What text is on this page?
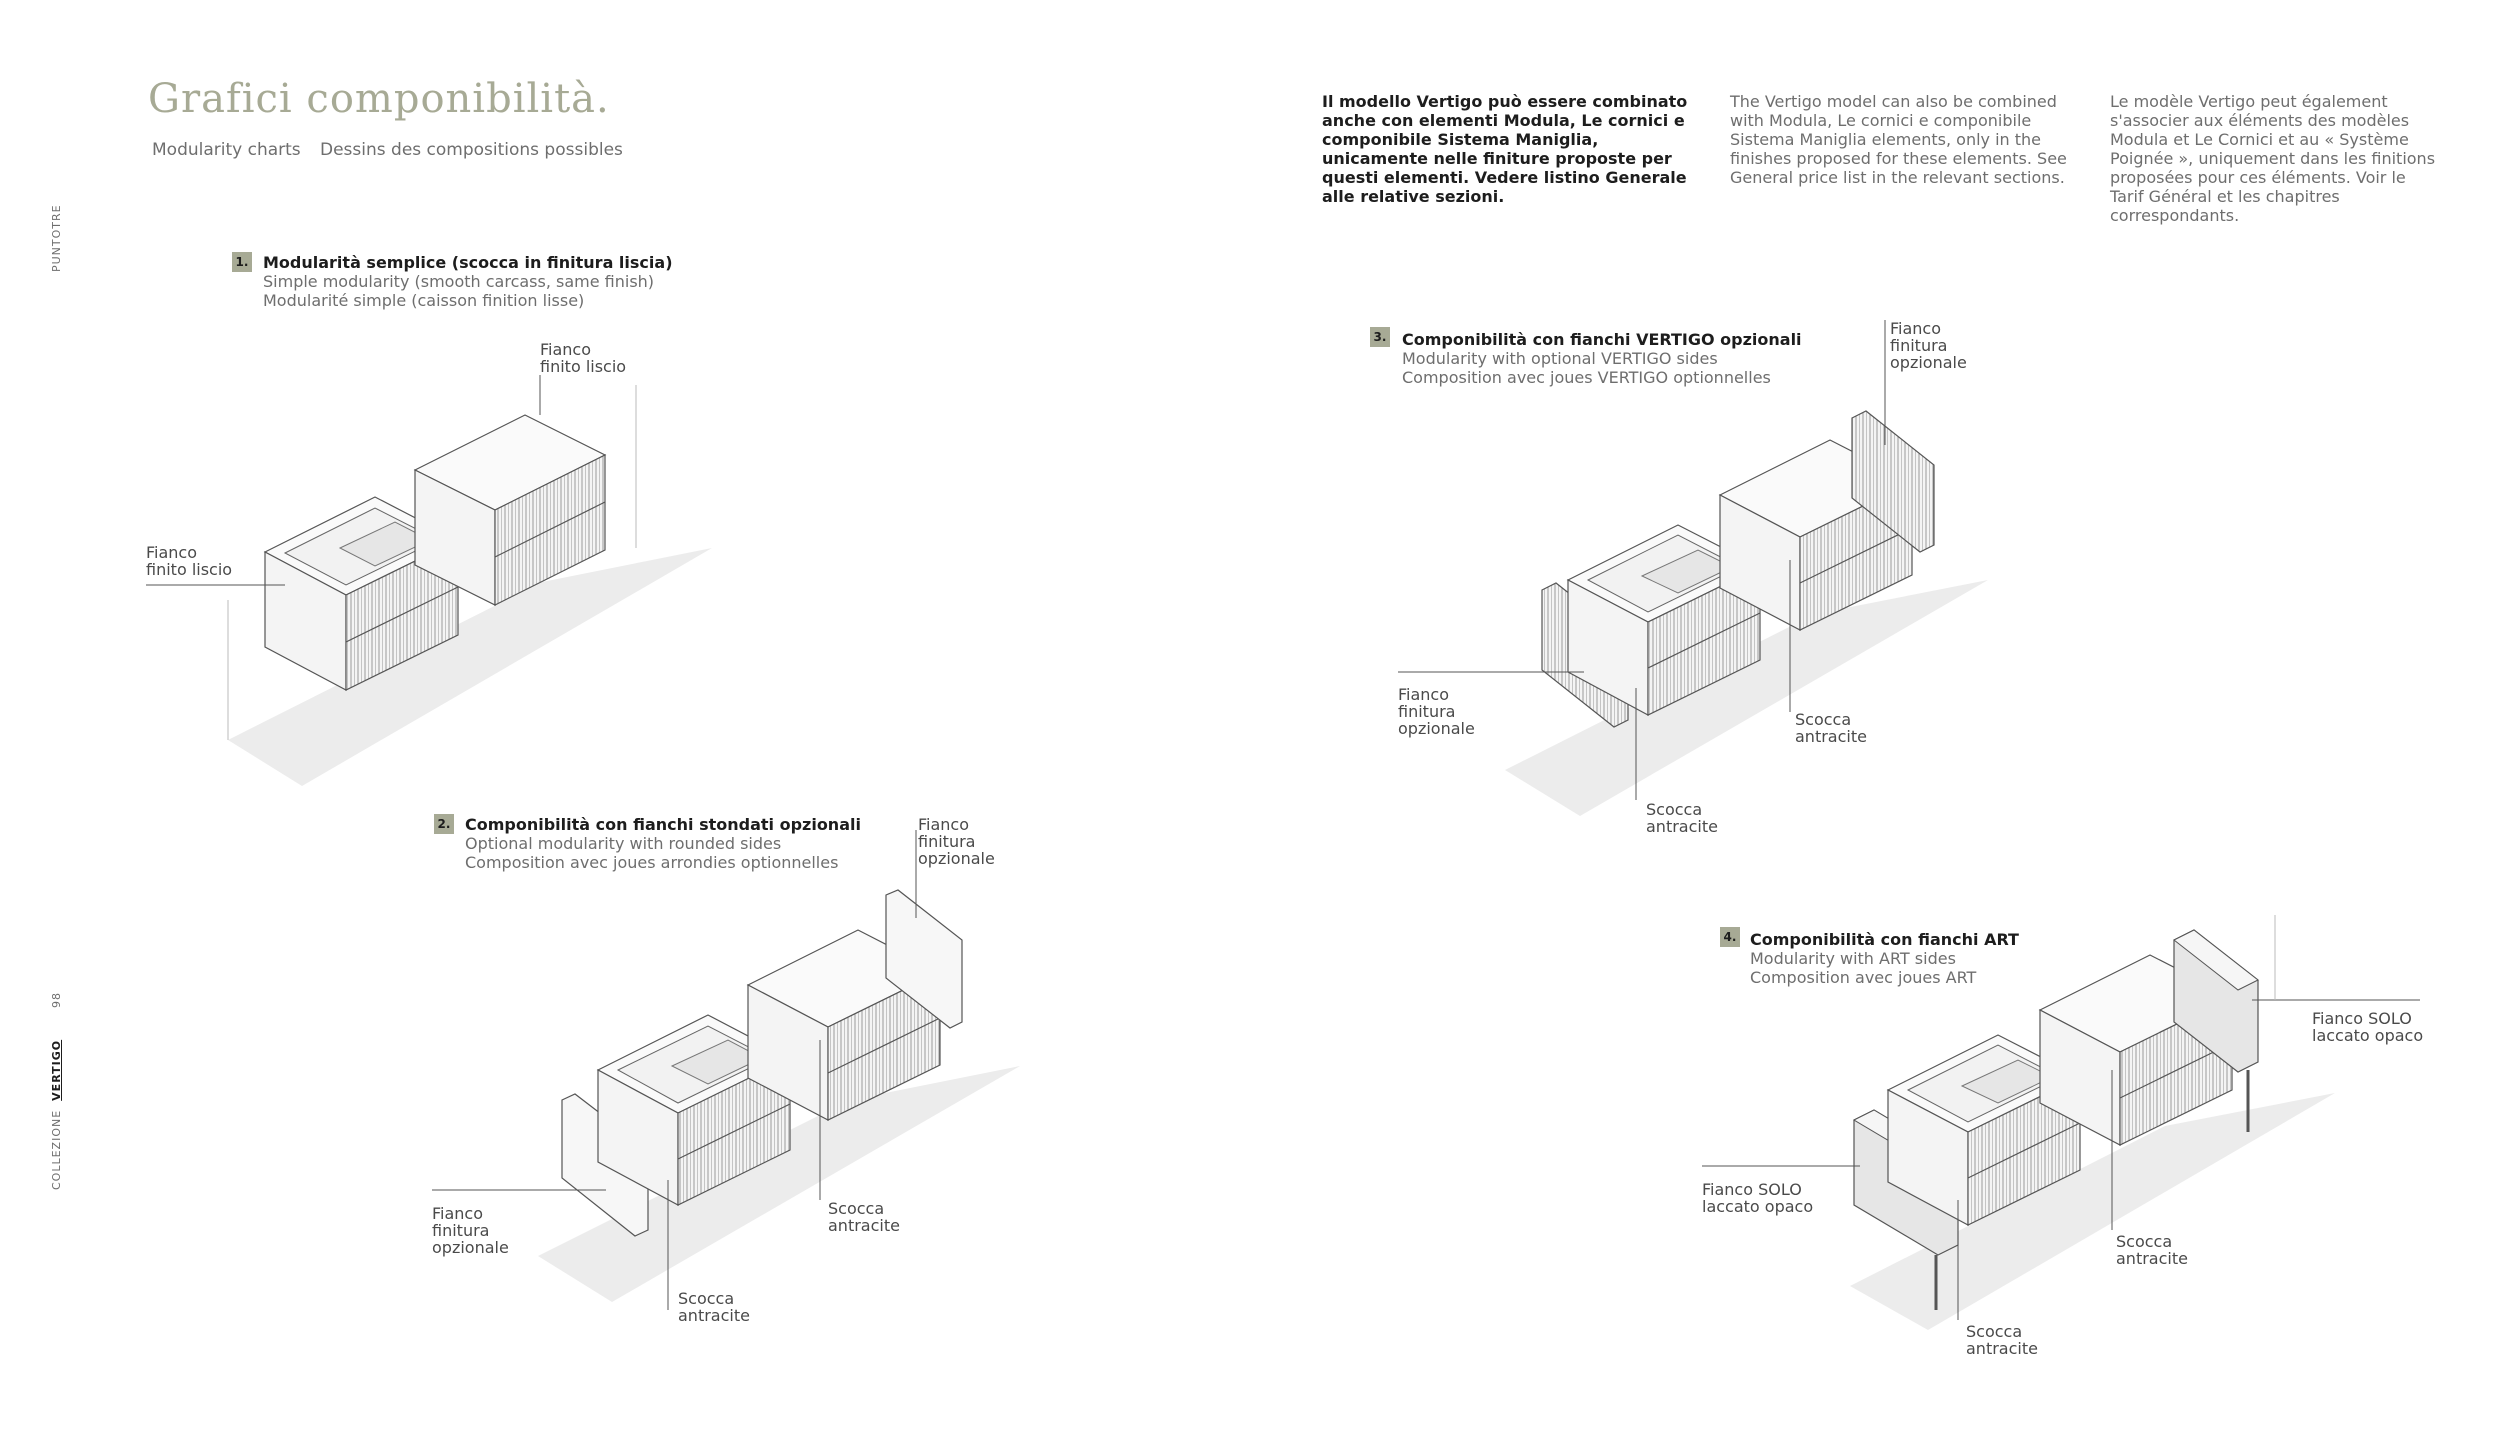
Grafici componibilità.
Modularity charts Dessins des compositions possibles
PUNTOTRE
98
COLLEZIONE  VERTIGO
Il modello Vertigo può essere combinato anche con elementi Modula, Le cornici e componibile Sistema Maniglia, unicamente nelle finiture proposte per questi elementi. Vedere listino Generale alle relative sezioni.
The Vertigo model can also be combined with Modula, Le cornici e componibile Sistema Maniglia elements, only in the finishes proposed for these elements. See General price list in the relevant sections.
Le modèle Vertigo peut également s'associer aux éléments des modèles Modula et Le Cornici et au « Système Poignée », uniquement dans les finitions proposées pour ces éléments. Voir le Tarif Général et les chapitres correspondants.
1. Modularità semplice (scocca in finitura liscia)
Simple modularity (smooth carcass, same finish)
Modularité simple (caisson finition lisse)
2. Componibilità con fianchi stondati opzionali
Optional modularity with rounded sides
Composition avec joues arrondies optionnelles
3. Componibilità con fianchi VERTIGO opzionali
Modularity with optional VERTIGO sides
Composition avec joues VERTIGO optionnelles
4. Componibilità con fianchi ART
Modularity with ART sides
Composition avec joues ART
Fianco
finito liscio
Fianco
finito liscio
Fianco
finitura
opzionale
Fianco
finitura
opzionale
Scocca
antracite
Scocca
antracite
Fianco
finitura
opzionale
Fianco
finitura
opzionale	Scocca
antracite
Scocca
antracite
Fianco SOLO
laccato opaco
Fianco SOLO
laccato opaco
Scocca
antracite
Scocca
antracite
